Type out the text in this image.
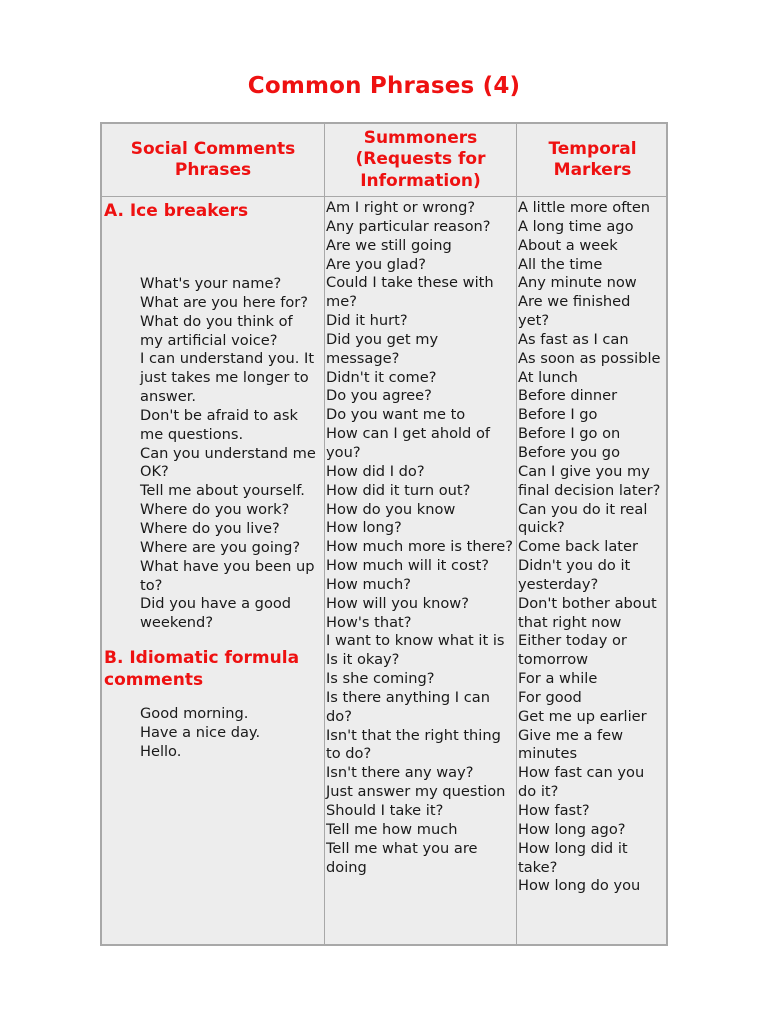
Common Phrases (4)
Social Comments Phrases
A. Ice breakers
What's your name?
What are you here for?
What do you think of my artificial voice?
I can understand you. It just takes me longer to answer.
Don't be afraid to ask me questions.
Can you understand me OK?
Tell me about yourself.
Where do you work?
Where do you live?
Where are you going?
What have you been up to?
Did you have a good weekend?
B. Idiomatic formula comments
Good morning.
Have a nice day.
Hello.
Summoners (Requests for Information)
Am I right or wrong?
Any particular reason?
Are we still going
Are you glad?
Could I take these with me?
Did it hurt?
Did you get my message?
Didn't it come?
Do you agree?
Do you want me to
How can I get ahold of you?
How did I do?
How did it turn out?
How do you know
How long?
How much more is there?
How much will it cost?
How much?
How will you know?
How's that?
I want to know what it is
Is it okay?
Is she coming?
Is there anything I can do?
Isn't that the right thing to do?
Isn't there any way?
Just answer my question
Should I take it?
Tell me how much
Tell me what you are doing
Temporal Markers
A little more often
A long time ago
About a week
All the time
Any minute now
Are we finished yet?
As fast as I can
As soon as possible
At lunch
Before dinner
Before I go
Before I go on
Before you go
Can I give you my final decision later?
Can you do it real quick?
Come back later
Didn't you do it yesterday?
Don't bother about that right now
Either today or tomorrow
For a while
For good
Get me up earlier
Give me a few minutes
How fast can you do it?
How fast?
How long ago?
How long did it take?
How long do you
